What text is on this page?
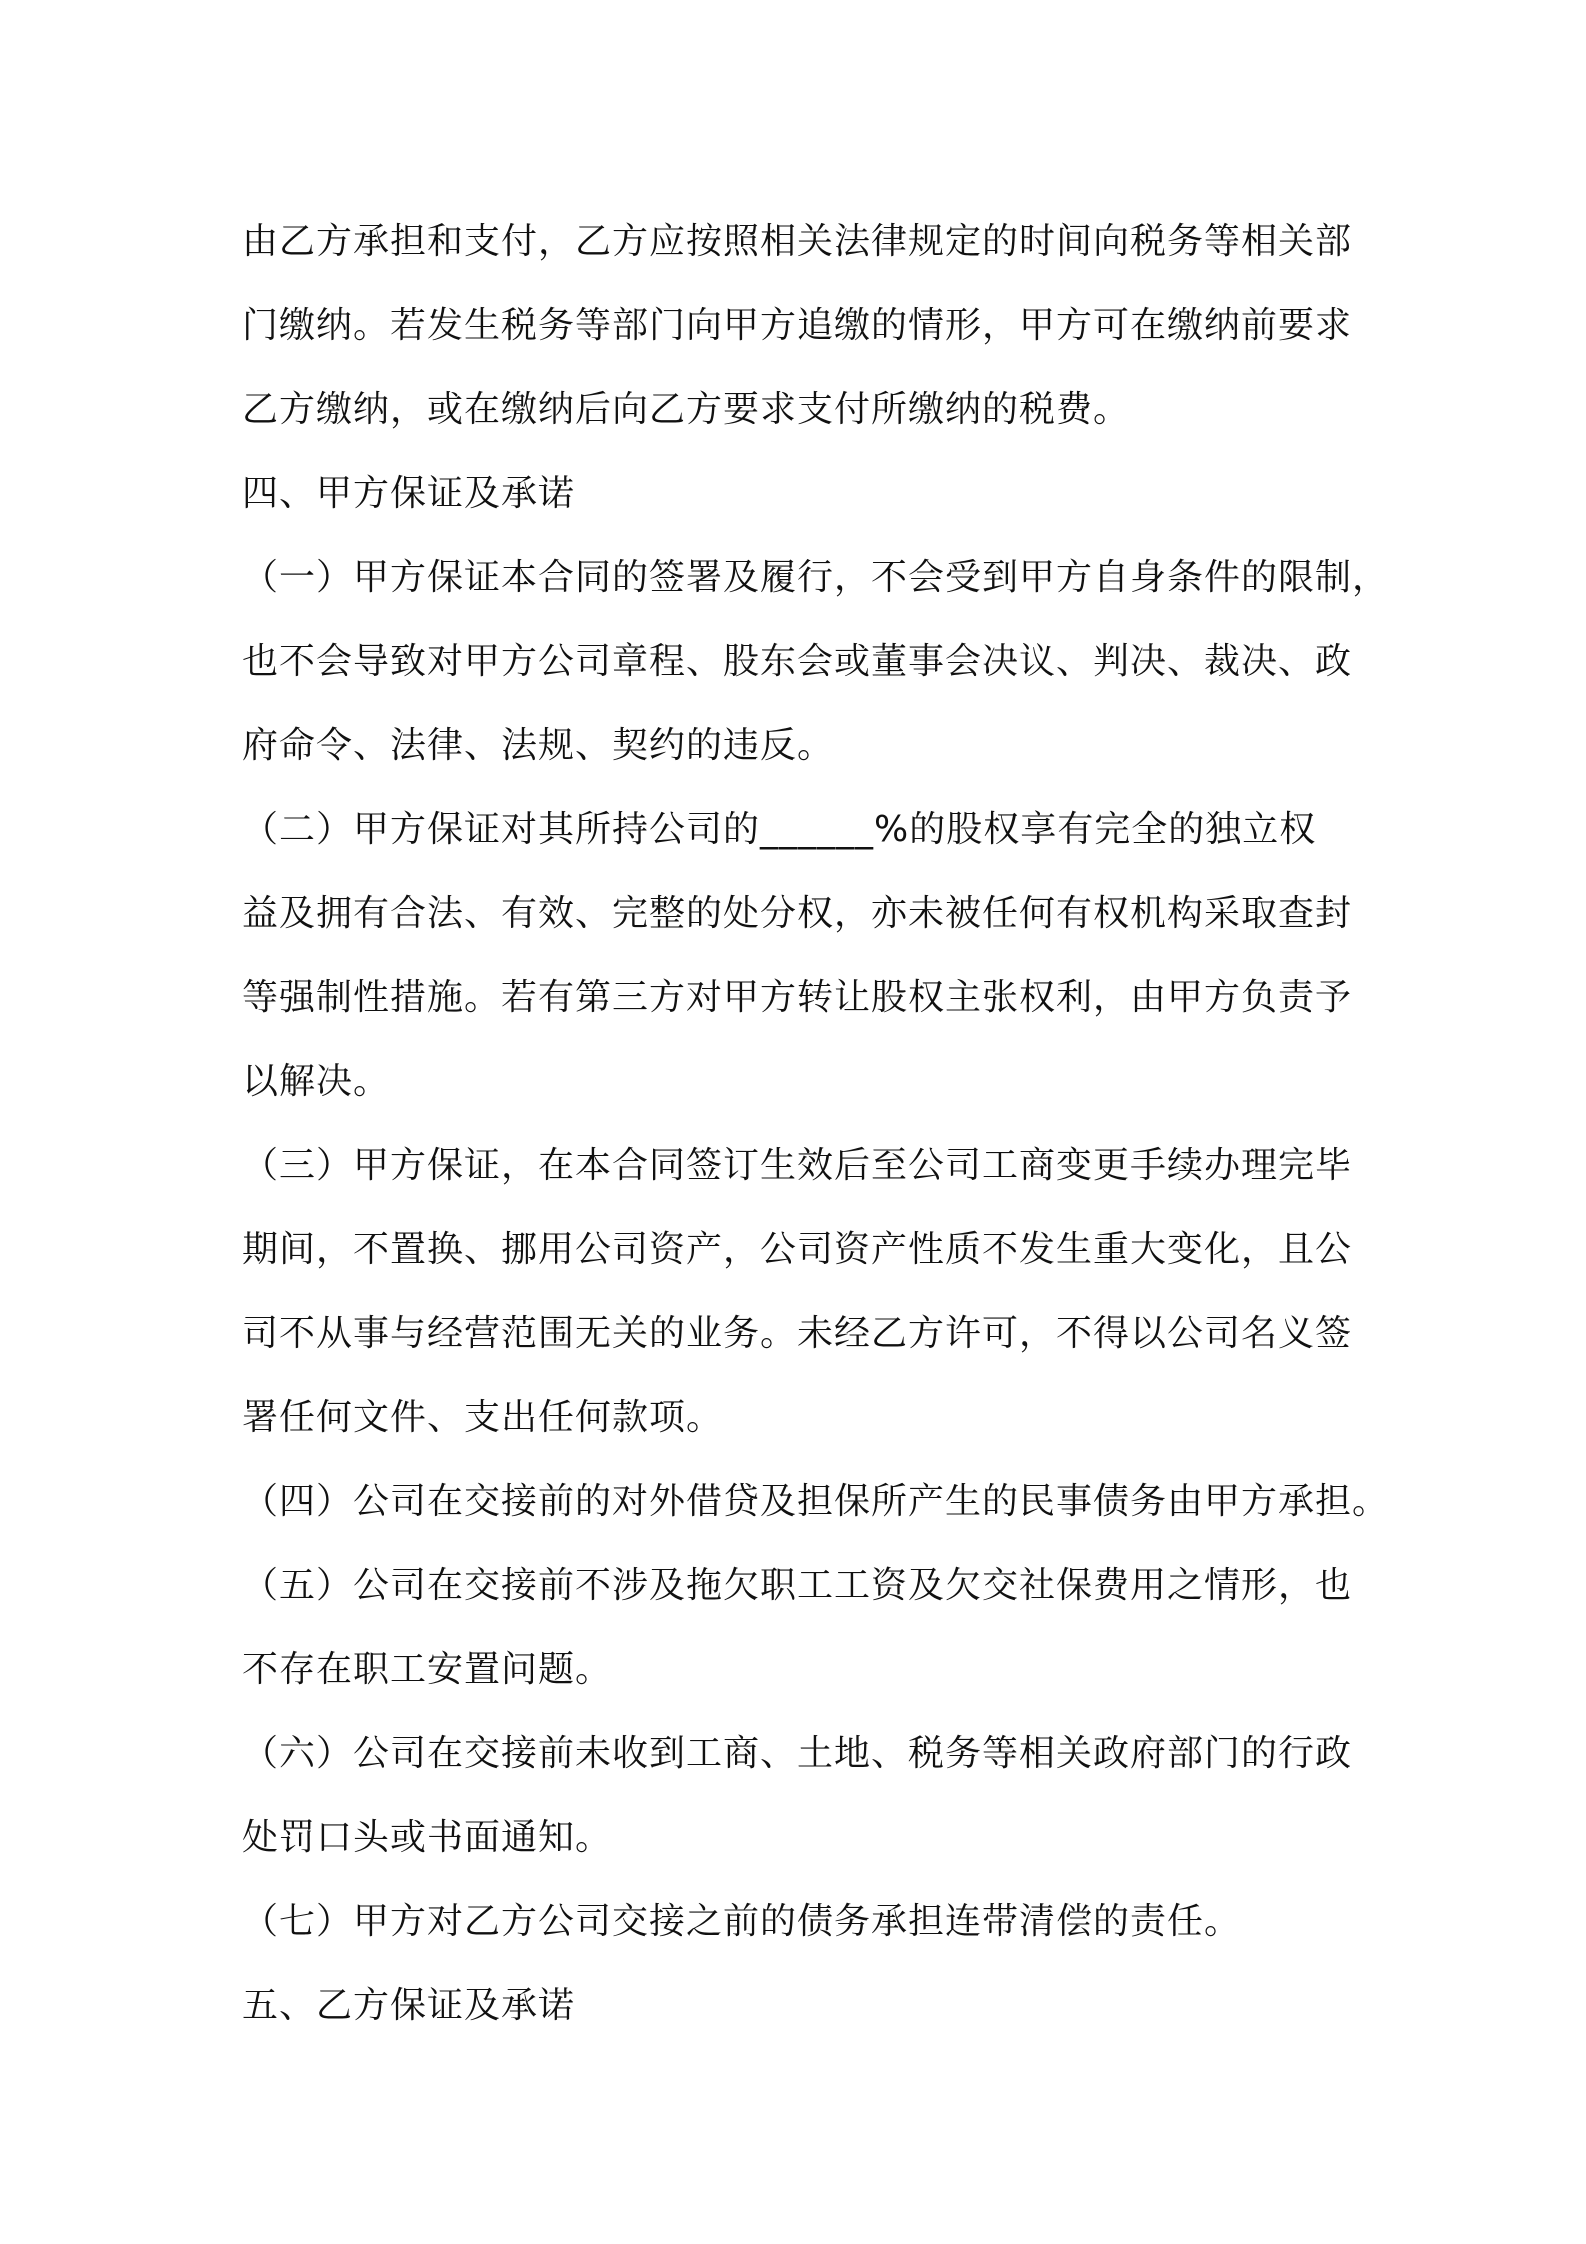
由乙方承担和支付，乙方应按照相关法律规定的时间向税务等相关部
门缴纳。若发生税务等部门向甲方追缴的情形，甲方可在缴纳前要求
乙方缴纳，或在缴纳后向乙方要求支付所缴纳的税费。
四、甲方保证及承诺
（一）甲方保证本合同的签署及履行，不会受到甲方自身条件的限制，
也不会导致对甲方公司章程、股东会或董事会决议、判决、裁决、政
府命令、法律、法规、契约的违反。
（二）甲方保证对其所持公司的______%的股权享有完全的独立权
益及拥有合法、有效、完整的处分权，亦未被任何有权机构采取查封
等强制性措施。若有第三方对甲方转让股权主张权利，由甲方负责予
以解决。
（三）甲方保证，在本合同签订生效后至公司工商变更手续办理完毕
期间，不置换、挪用公司资产，公司资产性质不发生重大变化，且公
司不从事与经营范围无关的业务。未经乙方许可，不得以公司名义签
署任何文件、支出任何款项。
（四）公司在交接前的对外借贷及担保所产生的民事债务由甲方承担。
（五）公司在交接前不涉及拖欠职工工资及欠交社保费用之情形，也
不存在职工安置问题。
（六）公司在交接前未收到工商、土地、税务等相关政府部门的行政
处罚口头或书面通知。
（七）甲方对乙方公司交接之前的债务承担连带清偿的责任。
五、乙方保证及承诺
